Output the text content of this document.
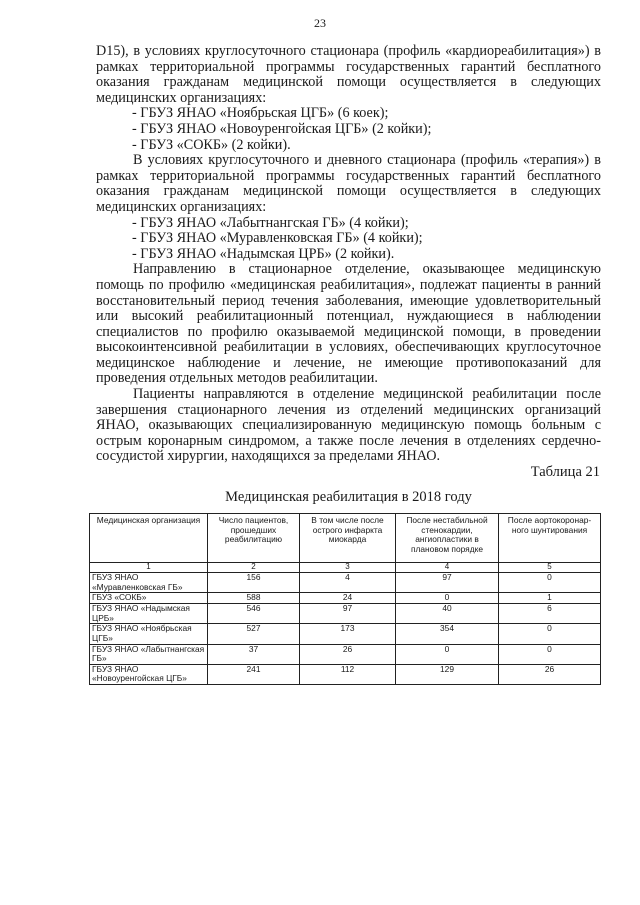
23

D15), в условиях круглосуточного стационара (профиль «кардиореабилитация») в рамках территориальной программы государственных гарантий бесплатного оказания гражданам медицинской помощи осуществляется в следующих медицинских организациях:

- ГБУЗ ЯНАО «Ноябрьская ЦГБ» (6 коек);

- ГБУЗ ЯНАО «Новоуренгойская ЦГБ» (2 койки);

- ГБУЗ «СОКБ» (2 койки).

В условиях круглосуточного и дневного стационара (профиль «терапия») в рамках территориальной программы государственных гарантий бесплатного оказания гражданам медицинской помощи осуществляется в следующих медицинских организациях:

- ГБУЗ ЯНАО «Лабытнангская ГБ» (4 койки);

- ГБУЗ ЯНАО «Муравленковская ГБ» (4 койки);

- ГБУЗ ЯНАО «Надымская ЦРБ» (2 койки).

Направлению в стационарное отделение, оказывающее медицинскую помощь по профилю «медицинская реабилитация», подлежат пациенты в ранний восстановительный период течения заболевания, имеющие удовлетворительный или высокий реабилитационный потенциал, нуждающиеся в наблюдении специалистов по профилю оказываемой медицинской помощи, в проведении высокоинтенсивной реабилитации в условиях, обеспечивающих круглосуточное медицинское наблюдение и лечение, не имеющие противопоказаний для проведения отдельных методов реабилитации.

Пациенты направляются в отделение медицинской реабилитации после завершения стационарного лечения из отделений медицинских организаций ЯНАО, оказывающих специализированную медицинскую помощь больным с острым коронарным синдромом, а также после лечения в отделениях сердечно-сосудистой хирургии, находящихся за пределами ЯНАО.

Таблица 21
Медицинская реабилитация в 2018 году
Медицинская организация	Число пациентов, прошедших реабилитацию	В том числе после острого инфаркта миокарда	После нестабильной стенокардии, ангиопластики в плановом порядке	После аортокоронар-ного шунтирования
1	2	3	4	5
ГБУЗ ЯНАО «Муравленковская ГБ»	156	4	97	0
ГБУЗ «СОКБ»	588	24	0	1
ГБУЗ ЯНАО «Надымская ЦРБ»	546	97	40	6
ГБУЗ ЯНАО «Ноябрьская ЦГБ»	527	173	354	0
ГБУЗ ЯНАО «Лабытнангская ГБ»	37	26	0	0
ГБУЗ ЯНАО «Новоуренгойская ЦГБ»	241	112	129	26
